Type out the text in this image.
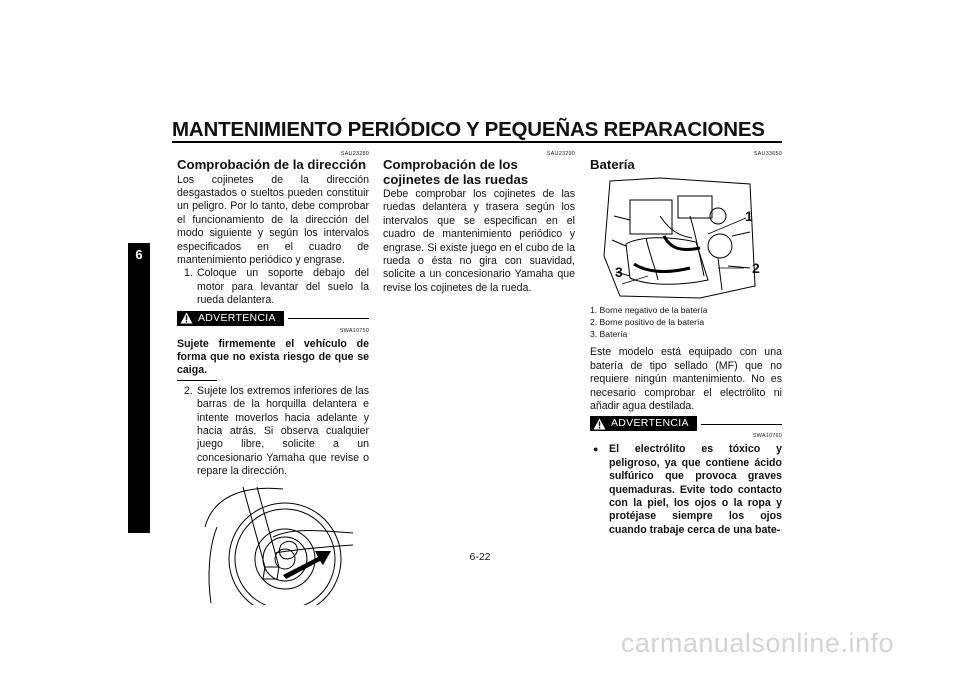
MANTENIMIENTO PERIÓDICO Y PEQUEÑAS REPARACIONES
6
SAU23280
Comprobación de la dirección

Los cojinetes de la dirección desgastados o sueltos pueden constituir un peligro. Por lo tanto, debe comprobar el funcionamiento de la dirección del modo siguiente y según los intervalos especificados en el cuadro de mantenimiento periódico y engrase.

1. Coloque un soporte debajo del motor para levantar del suelo la rueda delantera.
ADVERTENCIA
SWA10750

Sujete firmemente el vehículo de forma que no exista riesgo de que se caiga.

2. Sujete los extremos inferiores de las barras de la horquilla delantera e intente moverlos hacia adelante y hacia atrás. Si observa cualquier juego libre, solicite a un concesionario Yamaha que revise o repare la dirección.
SAU23290
Comprobación de los cojinetes de las ruedas

Debe comprobar los cojinetes de las ruedas delantera y trasera según los intervalos que se especifican en el cuadro de mantenimiento periódico y engrase. Si existe juego en el cubo de la rueda o ésta no gira con suavidad, solicite a un concesionario Yamaha que revise los cojinetes de la rueda.

SAU33650
Batería
1
2
3

1. Borne negativo de la batería

2. Borne positivo de la batería

3. Batería

Este modelo está equipado con una batería de tipo sellado (MF) que no requiere ningún mantenimiento. No es necesario comprobar el electrólito ni añadir agua destilada.

ADVERTENCIA
SWA10760
● El electrólito es tóxico y peligroso, ya que contiene ácido sulfúrico que provoca graves quemaduras. Evite todo contacto con la piel, los ojos o la ropa y protéjase siempre los ojos cuando trabaje cerca de una bate-
6-22
carmanualsonline.info
